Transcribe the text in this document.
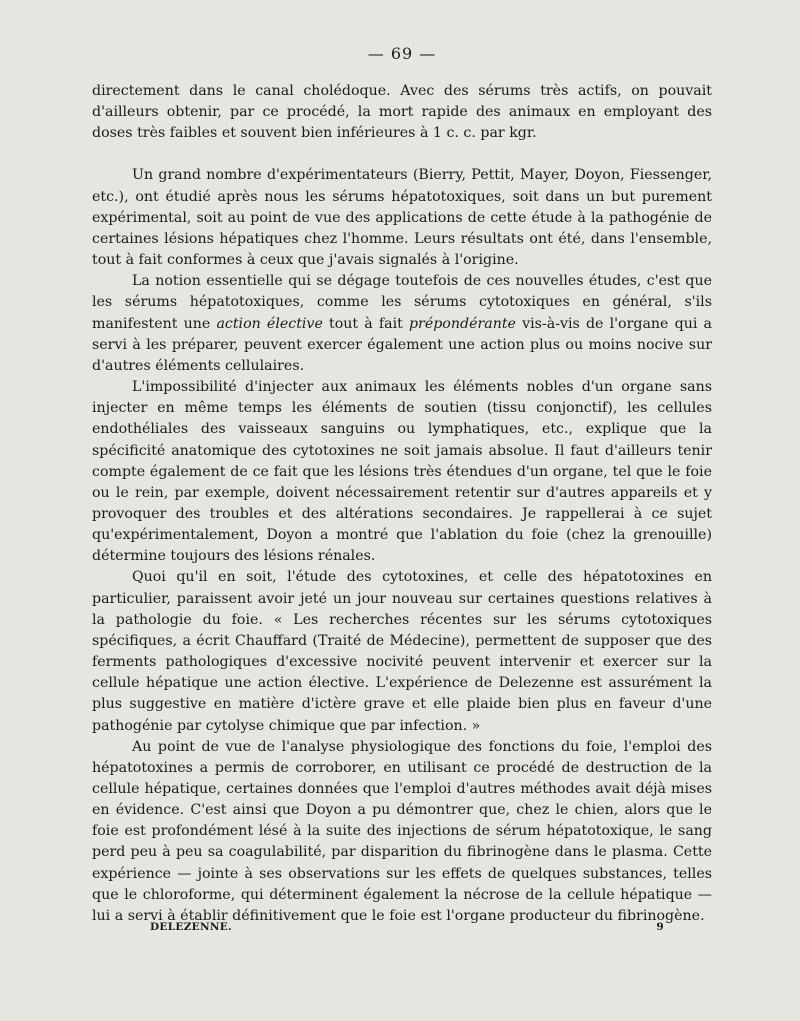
— 69 —

directement dans le canal cholédoque. Avec des sérums très actifs, on pouvait d'ailleurs obtenir, par ce procédé, la mort rapide des animaux en employant des doses très faibles et souvent bien inférieures à 1 c. c. par kgr.

Un grand nombre d'expérimentateurs (Bierry, Pettit, Mayer, Doyon, Fiessenger, etc.), ont étudié après nous les sérums hépatotoxiques, soit dans un but purement expérimental, soit au point de vue des applications de cette étude à la pathogénie de certaines lésions hépatiques chez l'homme. Leurs résultats ont été, dans l'ensemble, tout à fait conformes à ceux que j'avais signalés à l'origine.

La notion essentielle qui se dégage toutefois de ces nouvelles études, c'est que les sérums hépatotoxiques, comme les sérums cytotoxiques en général, s'ils manifestent une action élective tout à fait prépondérante vis-à-vis de l'organe qui a servi à les préparer, peuvent exercer également une action plus ou moins nocive sur d'autres éléments cellulaires.

L'impossibilité d'injecter aux animaux les éléments nobles d'un organe sans injecter en même temps les éléments de soutien (tissu conjonctif), les cellules endothéliales des vaisseaux sanguins ou lymphatiques, etc., explique que la spécificité anatomique des cytotoxines ne soit jamais absolue. Il faut d'ailleurs tenir compte également de ce fait que les lésions très étendues d'un organe, tel que le foie ou le rein, par exemple, doivent nécessairement retentir sur d'autres appareils et y provoquer des troubles et des altérations secondaires. Je rappellerai à ce sujet qu'expérimentalement, Doyon a montré que l'ablation du foie (chez la grenouille) détermine toujours des lésions rénales.

Quoi qu'il en soit, l'étude des cytotoxines, et celle des hépatotoxines en particulier, paraissent avoir jeté un jour nouveau sur certaines questions relatives à la pathologie du foie. « Les recherches récentes sur les sérums cytotoxiques spécifiques, a écrit Chauffard (Traité de Médecine), permettent de supposer que des ferments pathologiques d'excessive nocivité peuvent intervenir et exercer sur la cellule hépatique une action élective. L'expérience de Delezenne est assurément la plus suggestive en matière d'ictère grave et elle plaide bien plus en faveur d'une pathogénie par cytolyse chimique que par infection. »

Au point de vue de l'analyse physiologique des fonctions du foie, l'emploi des hépatotoxines a permis de corroborer, en utilisant ce procédé de destruction de la cellule hépatique, certaines données que l'emploi d'autres méthodes avait déjà mises en évidence. C'est ainsi que Doyon a pu démontrer que, chez le chien, alors que le foie est profondément lésé à la suite des injections de sérum hépatotoxique, le sang perd peu à peu sa coagulabilité, par disparition du fibrinogène dans le plasma. Cette expérience — jointe à ses observations sur les effets de quelques substances, telles que le chloroforme, qui déterminent également la nécrose de la cellule hépatique — lui a servi à établir définitivement que le foie est l'organe producteur du fibrinogène.

DELEZENNE.	9
